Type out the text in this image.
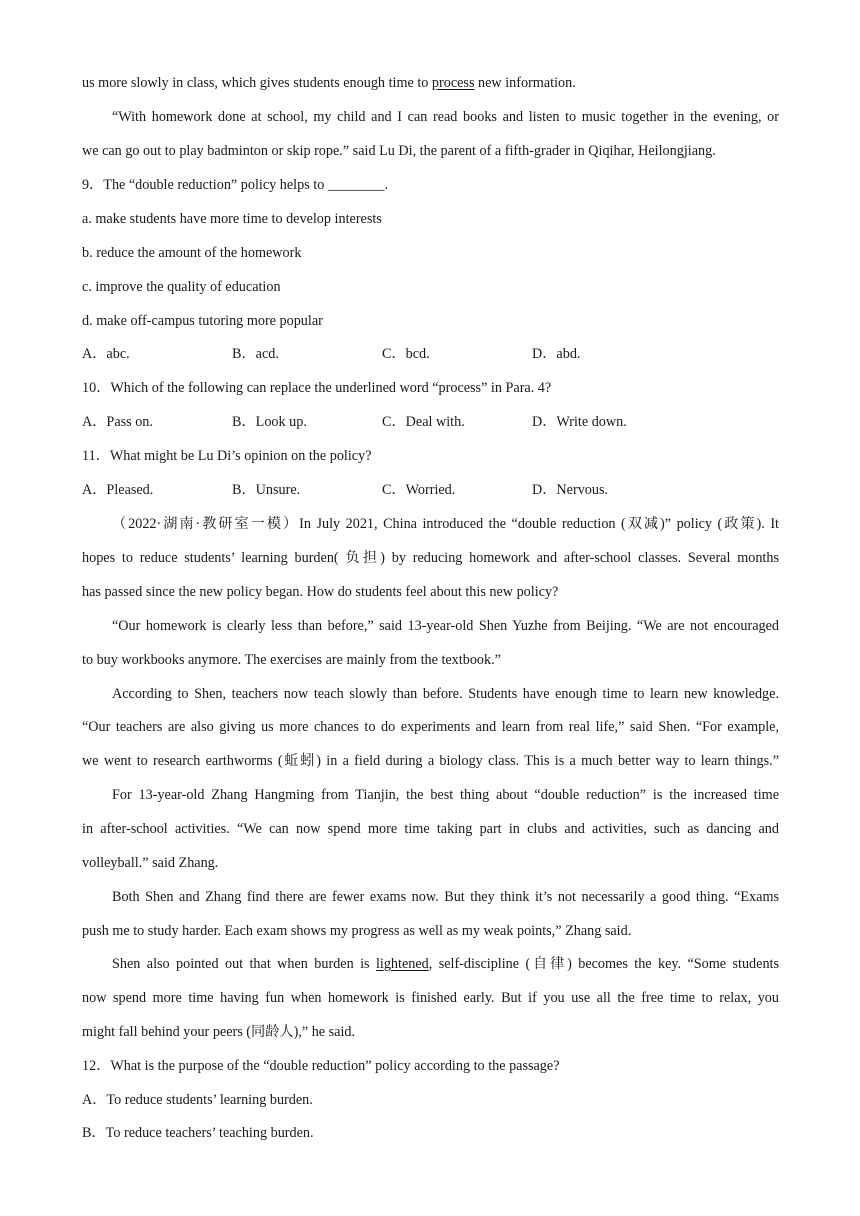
us more slowly in class, which gives students enough time to process new information.
“With homework done at school, my child and I can read books and listen to music together in the evening, or
we can go out to play badminton or skip rope.” said Lu Di, the parent of a fifth-grader in Qiqihar, Heilongjiang.
9．The “double reduction” policy helps to ________.
a. make students have more time to develop interests
b. reduce the amount of the homework
c. improve the quality of education
d. make off-campus tutoring more popular
A．abc.	B．acd.	C．bcd.	D．abd.
10．Which of the following can replace the underlined word “process” in Para. 4?
A．Pass on.	B．Look up.	C．Deal with.	D．Write down.
11．What might be Lu Di’s opinion on the policy?
A．Pleased.	B．Unsure.	C．Worried.	D．Nervous.
（2022·湖南·教研室一模）In July 2021, China introduced the “double reduction (双减)” policy (政策). It
hopes to reduce students’ learning burden( 负担) by reducing homework and after-school classes. Several months
has passed since the new policy began. How do students feel about this new policy?
“Our homework is clearly less than before,” said 13-year-old Shen Yuzhe from Beijing. “We are not encouraged
to buy workbooks anymore. The exercises are mainly from the textbook.”
According to Shen, teachers now teach slowly than before. Students have enough time to learn new knowledge.
“Our teachers are also giving us more chances to do experiments and learn from real life,” said Shen. “For example,
we went to research earthworms (蚯蚓) in a field during a biology class. This is a much better way to learn things.”
For 13-year-old Zhang Hangming from Tianjin, the best thing about “double reduction” is the increased time
in after-school activities. “We can now spend more time taking part in clubs and activities, such as dancing and
volleyball.” said Zhang.
Both Shen and Zhang find there are fewer exams now. But they think it’s not necessarily a good thing. “Exams
push me to study harder. Each exam shows my progress as well as my weak points,” Zhang said.
Shen also pointed out that when burden is lightened, self-discipline (自律) becomes the key. “Some students
now spend more time having fun when homework is finished early. But if you use all the free time to relax, you
might fall behind your peers (同龄人),” he said.
12．What is the purpose of the “double reduction” policy according to the passage?
A．To reduce students’ learning burden.
B．To reduce teachers’ teaching burden.
